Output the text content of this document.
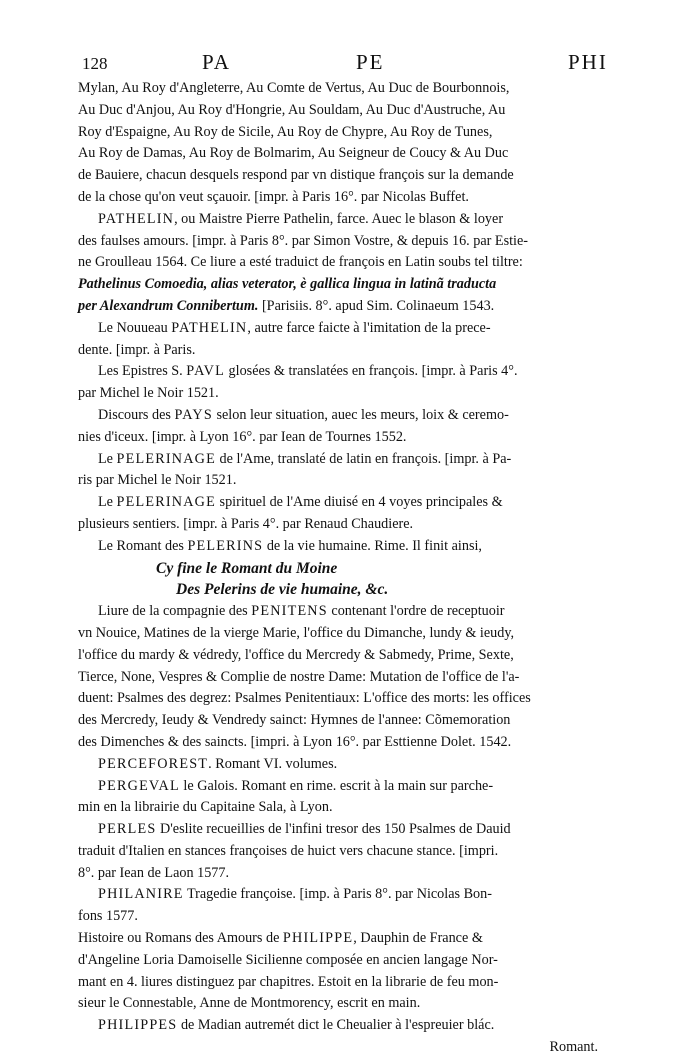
128	PA	PE	PHI

Mylan, Au Roy d'Angleterre, Au Comte de Vertus, Au Duc de Bourbonnois,

Au Duc d'Anjou, Au Roy d'Hongrie, Au Souldam, Au Duc d'Austruche, Au

Roy d'Espaigne, Au Roy de Sicile, Au Roy de Chypre, Au Roy de Tunes,

Au Roy de Damas, Au Roy de Bolmarim, Au Seigneur de Coucy & Au Duc

de Bauiere, chacun desquels respond par vn distique françois sur la demande

de la chose qu'on veut sçauoir. [impr. à Paris 16°. par Nicolas Buffet.

PATHELIN, ou Maistre Pierre Pathelin, farce. Auec le blason & loyer

des faulses amours. [impr. à Paris 8°. par Simon Vostre, & depuis 16. par Estie-

ne Groulleau 1564. Ce liure a esté traduict de françois en Latin soubs tel tiltre:

Pathelinus Comoedia, alias veterator, è gallica lingua in latinã traducta

per Alexandrum Connibertum. [Parisiis. 8°. apud Sim. Colinaeum 1543.

Le Nouueau PATHELIN, autre farce faicte à l'imitation de la prece-

dente. [impr. à Paris.

Les Epistres S. PAVL glosées & translatées en françois. [impr. à Paris 4°.

par Michel le Noir 1521.

Discours des PAYS selon leur situation, auec les meurs, loix & ceremo-

nies d'iceux. [impr. à Lyon 16°. par Iean de Tournes 1552.

Le PELERINAGE de l'Ame, translaté de latin en françois. [impr. à Pa-

ris par Michel le Noir 1521.

Le PELERINAGE spirituel de l'Ame diuisé en 4 voyes principales &

plusieurs sentiers. [impr. à Paris 4°. par Renaud Chaudiere.

Le Romant des PELERINS de la vie humaine. Rime. Il finit ainsi,

Cy fine le Romant du Moine

Des Pelerins de vie humaine, &c.

Liure de la compagnie des PENITENS contenant l'ordre de receptuoir

vn Nouice, Matines de la vierge Marie, l'office du Dimanche, lundy & ieudy,

l'office du mardy & védredy, l'office du Mercredy & Sabmedy, Prime, Sexte,

Tierce, None, Vespres & Complie de nostre Dame: Mutation de l'office de l'a-

duent: Psalmes des degrez: Psalmes Penitentiaux: L'office des morts: les offices

des Mercredy, Ieudy & Vendredy sainct: Hymnes de l'annee: Cõmemoration

des Dimenches & des saincts. [impri. à Lyon 16°. par Esttienne Dolet. 1542.

PERCEFOREST. Romant VI. volumes.

PERGEVAL le Galois. Romant en rime. escrit à la main sur parche-

min en la librairie du Capitaine Sala, à Lyon.

PERLES D'eslite recueillies de l'infini tresor des 150 Psalmes de Dauid

traduit d'Italien en stances françoises de huict vers chacune stance. [impri.

8°. par Iean de Laon 1577.

PHILANIRE Tragedie françoise. [imp. à Paris 8°. par Nicolas Bon-

fons 1577.

Histoire ou Romans des Amours de PHILIPPE, Dauphin de France &

d'Angeline Loria Damoiselle Sicilienne composée en ancien langage Nor-

mant en 4. liures distinguez par chapitres. Estoit en la librarie de feu mon-

sieur le Connestable, Anne de Montmorency, escrit en main.

PHILIPPES de Madian autremét dict le Cheualier à l'espreuier blác.

Romant.
